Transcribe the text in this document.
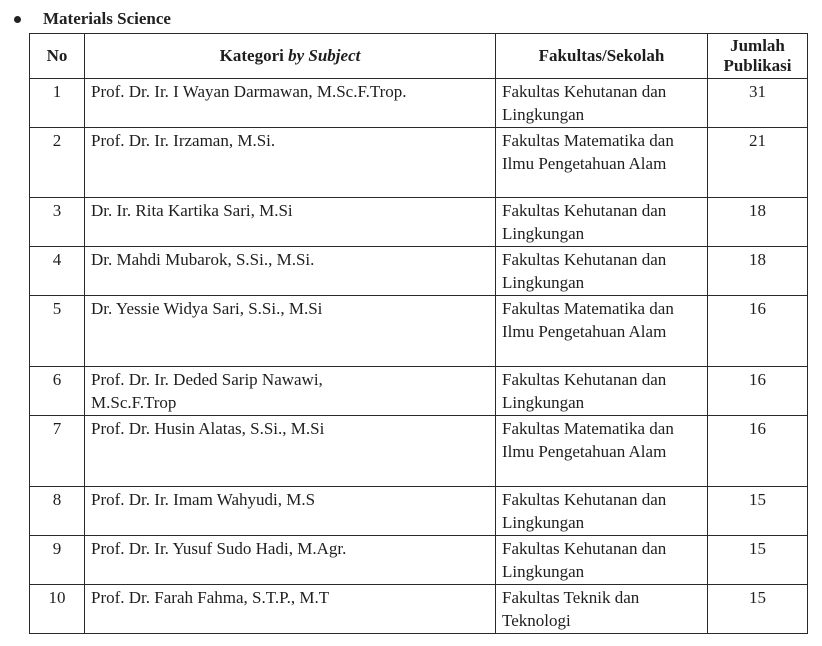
Materials Science
No	Kategori by Subject	Fakultas/Sekolah	Jumlah
Publikasi
1	Prof. Dr. Ir. I Wayan Darmawan, M.Sc.F.Trop.	Fakultas Kehutanan dan Lingkungan	31
2	Prof. Dr. Ir. Irzaman, M.Si.	Fakultas Matematika dan Ilmu Pengetahuan Alam	21
3	Dr. Ir. Rita Kartika Sari, M.Si	Fakultas Kehutanan dan Lingkungan	18
4	Dr. Mahdi Mubarok, S.Si., M.Si.	Fakultas Kehutanan dan Lingkungan	18
5	Dr. Yessie Widya Sari, S.Si., M.Si	Fakultas Matematika dan Ilmu Pengetahuan Alam	16
6	Prof. Dr. Ir. Deded Sarip Nawawi, M.Sc.F.Trop	Fakultas Kehutanan dan Lingkungan	16
7	Prof. Dr. Husin Alatas, S.Si., M.Si	Fakultas Matematika dan Ilmu Pengetahuan Alam	16
8	Prof. Dr. Ir. Imam Wahyudi, M.S	Fakultas Kehutanan dan Lingkungan	15
9	Prof. Dr. Ir. Yusuf Sudo Hadi, M.Agr.	Fakultas Kehutanan dan Lingkungan	15
10	Prof. Dr. Farah Fahma, S.T.P., M.T	Fakultas Teknik dan Teknologi	15
